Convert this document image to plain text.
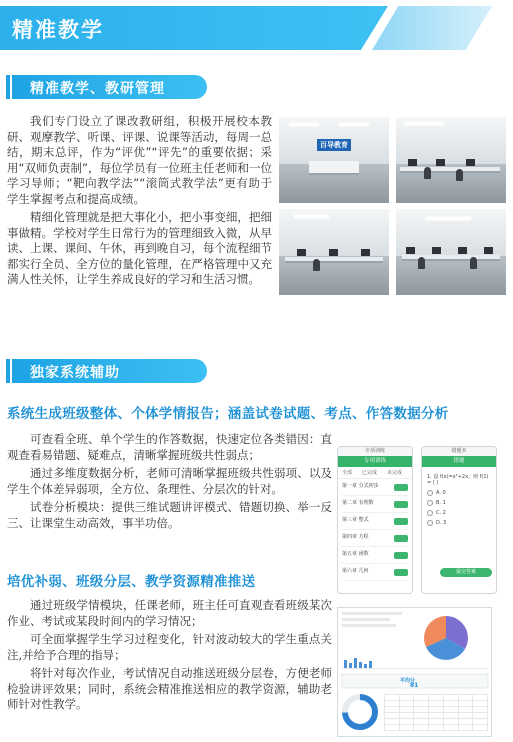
精准教学
精准教学、教研管理

我们专门设立了课改教研组，积极开展校本教研、观摩教学、听课、评课、说课等活动，每周一总结，期末总评，作为“评优”“评先”的重要依据；采用“双师负责制”，每位学员有一位班主任老师和一位学习导师；“靶向教学法”“滚筒式教学法”更有助于学生掌握考点和提高成绩。

精细化管理就是把大事化小，把小事变细，把细事做精。学校对学生日常行为的管理细致入微，从早读、上课、课间、午休，再到晚自习，每个流程细节都实行全员、全方位的量化管理，在严格管理中又充满人性关怀，让学生养成良好的学习和生活习惯。

百导教育
独家系统辅助
系统生成班级整体、个体学情报告；涵盖试卷试题、考点、作答数据分析

可查看全班、单个学生的作答数据，快速定位各类错因：直观查看易错题、疑难点，清晰掌握班级共性弱点；

通过多维度数据分析，老师可清晰掌握班级共性弱项、以及学生个体差异弱项，全方位、条理性、分层次的针对。

试卷分析模块：提供三维试题讲评模式、错题切换、举一反三、让课堂生动高效，事半功倍。

专项训练
专项训练
全部 已完成 未完成
第一章 分式初步
第二章 有理数
第三章 整式
第四章 方程
第五章 函数
第六章 几何
错题本
错题
1. 设 f(x)=x²+2x，则 f(1) = ( )
A. 0
B. 1
C. 2
D. 3
提交答案
培优补弱、班级分层、教学资源精准推送

通过班级学情模块，任课老师，班主任可直观查看班级某次作业、考试或某段时间内的学习情况；

可全面掌握学生学习过程变化，针对波动较大的学生重点关注,并给予合理的指导；

将针对每次作业，考试情况自动推送班级分层卷，方便老师检验讲评效果；同时，系统会精准推送相应的教学资源，辅助老师针对性教学。

平均分
81
